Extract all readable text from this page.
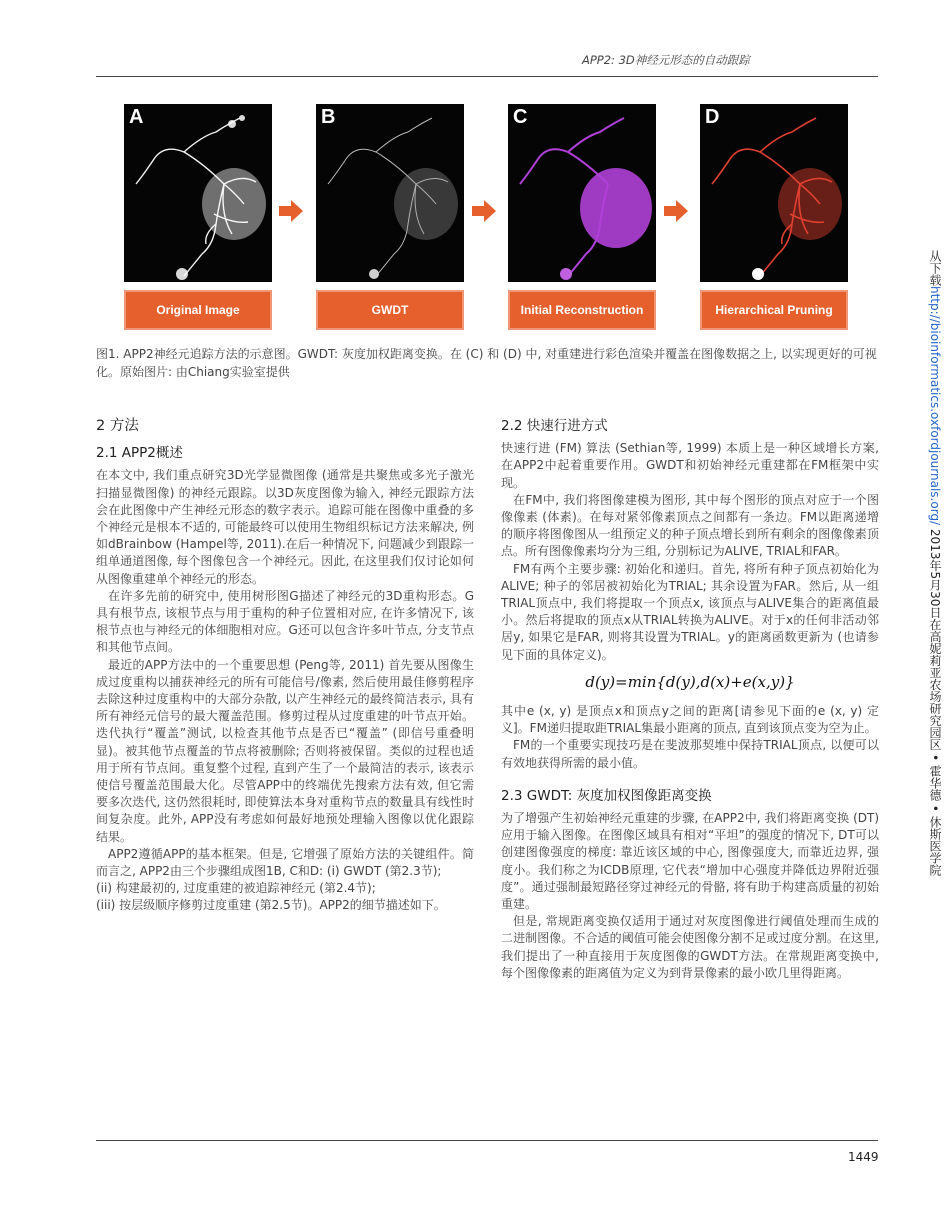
APP2: 3D神经元形态的自动跟踪
A
Original Image
B
GWDT
C
Initial Reconstruction
D
Hierarchical Pruning
图1. APP2神经元追踪方法的示意图。GWDT: 灰度加权距离变换。在 (C) 和 (D) 中, 对重建进行彩色渲染并覆盖在图像数据之上, 以实现更好的可视化。原始图片: 由Chiang实验室提供
2 方法
2.1 APP2概述

在本文中, 我们重点研究3D光学显微图像 (通常是共聚焦或多光子激光扫描显微图像) 的神经元跟踪。以3D灰度图像为输入, 神经元跟踪方法会在此图像中产生神经元形态的数字表示。追踪可能在图像中重叠的多个神经元是根本不适的, 可能最终可以使用生物组织标记方法来解决, 例如dBrainbow (Hampel等, 2011).在后一种情况下, 问题减少到跟踪一组单通道图像, 每个图像包含一个神经元。因此, 在这里我们仅讨论如何从图像重建单个神经元的形态。

在许多先前的研究中, 使用树形图G描述了神经元的3D重构形态。G具有根节点, 该根节点与用于重构的种子位置相对应, 在许多情况下, 该根节点也与神经元的体细胞相对应。G还可以包含许多叶节点, 分支节点和其他节点间。

最近的APP方法中的一个重要思想 (Peng等, 2011) 首先要从图像生成过度重构以捕获神经元的所有可能信号/像素, 然后使用最佳修剪程序去除这种过度重构中的大部分杂散, 以产生神经元的最终简洁表示, 具有所有神经元信号的最大覆盖范围。修剪过程从过度重建的叶节点开始。迭代执行“覆盖”测试, 以检查其他节点是否已“覆盖” (即信号重叠明显)。被其他节点覆盖的节点将被删除; 否则将被保留。类似的过程也适用于所有节点间。重复整个过程, 直到产生了一个最简洁的表示, 该表示使信号覆盖范围最大化。尽管APP中的终端优先搜索方法有效, 但它需要多次迭代, 这仍然很耗时, 即使算法本身对重构节点的数量具有线性时间复杂度。此外, APP没有考虑如何最好地预处理输入图像以优化跟踪结果。

APP2遵循APP的基本框架。但是, 它增强了原始方法的关键组件。简而言之, APP2由三个步骤组成图1B, C和D: (i) GWDT (第2.3节);

(ii) 构建最初的, 过度重建的被追踪神经元 (第2.4节);

(iii) 按层级顺序修剪过度重建 (第2.5节)。APP2的细节描述如下。

2.2 快速行进方式

快速行进 (FM) 算法 (Sethian等, 1999) 本质上是一种区域增长方案, 在APP2中起着重要作用。GWDT和初始神经元重建都在FM框架中实现。

在FM中, 我们将图像建模为图形, 其中每个图形的顶点对应于一个图像像素 (体素)。在每对紧邻像素顶点之间都有一条边。FM以距离递增的顺序将图像图从一组预定义的种子顶点增长到所有剩余的图像像素顶点。所有图像像素均分为三组, 分别标记为ALIVE, TRIAL和FAR。

FM有两个主要步骤: 初始化和递归。首先, 将所有种子顶点初始化为ALIVE; 种子的邻居被初始化为TRIAL; 其余设置为FAR。然后, 从一组TRIAL顶点中, 我们将提取一个顶点x, 该顶点与ALIVE集合的距离值最小。然后将提取的顶点x从TRIAL转换为ALIVE。对于x的任何非活动邻居y, 如果它是FAR, 则将其设置为TRIAL。y的距离函数更新为 (也请参见下面的具体定义)。

d(y)=min{d(y),d(x)+e(x,y)}

其中e (x, y) 是顶点x和顶点y之间的距离[请参见下面的e (x, y) 定义]。FM递归提取距TRIAL集最小距离的顶点, 直到该顶点变为空为止。

FM的一个重要实现技巧是在斐波那契堆中保持TRIAL顶点, 以便可以有效地获得所需的最小值。

2.3 GWDT: 灰度加权图像距离变换

为了增强产生初始神经元重建的步骤, 在APP2中, 我们将距离变换 (DT) 应用于输入图像。在图像区域具有相对“平坦”的强度的情况下, DT可以创建图像强度的梯度: 靠近该区域的中心, 图像强度大, 而靠近边界, 强度小。我们称之为ICDB原理, 它代表“增加中心强度并降低边界附近强度”。通过强制最短路径穿过神经元的骨骼, 将有助于构建高质量的初始重建。

但是, 常规距离变换仅适用于通过对灰度图像进行阈值处理而生成的二进制图像。不合适的阈值可能会使图像分割不足或过度分割。在这里, 我们提出了一种直接用于灰度图像的GWDT方法。在常规距离变换中, 每个图像像素的距离值为定义为到背景像素的最小欧几里得距离。

从下载http://bioinformatics.oxfordjournals.org/ 2013年5月30日在高妮莉亚农场研究园区 • 霍华德 • 休斯医学院
1449
